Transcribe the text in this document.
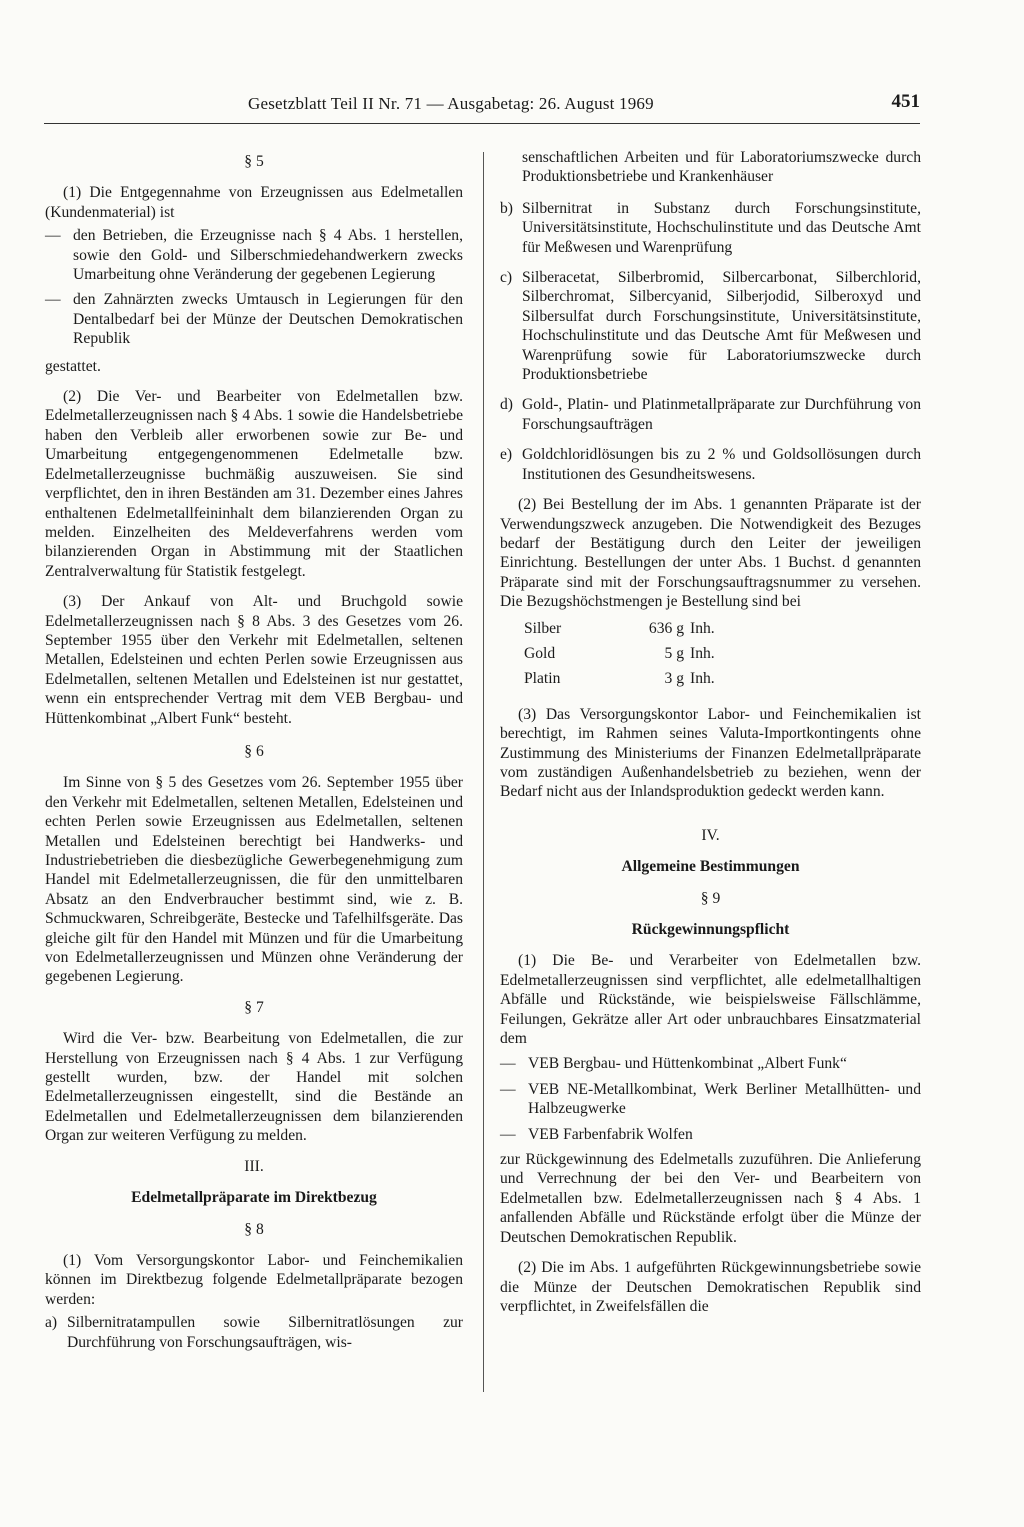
Gesetzblatt Teil II Nr. 71 — Ausgabetag: 26. August 1969	451
§ 5

(1) Die Entgegennahme von Erzeugnissen aus Edelmetallen (Kundenmaterial) ist

— den Betrieben, die Erzeugnisse nach § 4 Abs. 1 herstellen, sowie den Gold- und Silberschmiedehandwerkern zwecks Umarbeitung ohne Veränderung der gegebenen Legierung
— den Zahnärzten zwecks Umtausch in Legierungen für den Dentalbedarf bei der Münze der Deutschen Demokratischen Republik

gestattet.

(2) Die Ver- und Bearbeiter von Edelmetallen bzw. Edelmetallerzeugnissen nach § 4 Abs. 1 sowie die Handelsbetriebe haben den Verbleib aller erworbenen sowie zur Be- und Umarbeitung entgegengenommenen Edelmetalle bzw. Edelmetallerzeugnisse buchmäßig auszuweisen. Sie sind verpflichtet, den in ihren Beständen am 31. Dezember eines Jahres enthaltenen Edelmetallfeininhalt dem bilanzierenden Organ zu melden. Einzelheiten des Meldeverfahrens werden vom bilanzierenden Organ in Abstimmung mit der Staatlichen Zentralverwaltung für Statistik festgelegt.

(3) Der Ankauf von Alt- und Bruchgold sowie Edelmetallerzeugnissen nach § 8 Abs. 3 des Gesetzes vom 26. September 1955 über den Verkehr mit Edelmetallen, seltenen Metallen, Edelsteinen und echten Perlen sowie Erzeugnissen aus Edelmetallen, seltenen Metallen und Edelsteinen ist nur gestattet, wenn ein entsprechender Vertrag mit dem VEB Bergbau- und Hüttenkombinat „Albert Funk“ besteht.

§ 6

Im Sinne von § 5 des Gesetzes vom 26. September 1955 über den Verkehr mit Edelmetallen, seltenen Metallen, Edelsteinen und echten Perlen sowie Erzeugnissen aus Edelmetallen, seltenen Metallen und Edelsteinen berechtigt bei Handwerks- und Industriebetrieben die diesbezügliche Gewerbegenehmigung zum Handel mit Edelmetallerzeugnissen, die für den unmittelbaren Absatz an den Endverbraucher bestimmt sind, wie z. B. Schmuckwaren, Schreibgeräte, Bestecke und Tafelhilfsgeräte. Das gleiche gilt für den Handel mit Münzen und für die Umarbeitung von Edelmetallerzeugnissen und Münzen ohne Veränderung der gegebenen Legierung.

§ 7

Wird die Ver- bzw. Bearbeitung von Edelmetallen, die zur Herstellung von Erzeugnissen nach § 4 Abs. 1 zur Verfügung gestellt wurden, bzw. der Handel mit solchen Edelmetallerzeugnissen eingestellt, sind die Bestände an Edelmetallen und Edelmetallerzeugnissen dem bilanzierenden Organ zur weiteren Verfügung zu melden.

III.
Edelmetallpräparate im Direktbezug
§ 8

(1) Vom Versorgungskontor Labor- und Feinchemikalien können im Direktbezug folgende Edelmetallpräparate bezogen werden:

a) Silbernitratampullen sowie Silbernitratlösungen zur Durchführung von Forschungsaufträgen, wis-
senschaftlichen Arbeiten und für Laboratoriumszwecke durch Produktionsbetriebe und Krankenhäuser
b) Silbernitrat in Substanz durch Forschungsinstitute, Universitätsinstitute, Hochschulinstitute und das Deutsche Amt für Meßwesen und Warenprüfung
c) Silberacetat, Silberbromid, Silbercarbonat, Silberchlorid, Silberchromat, Silbercyanid, Silberjodid, Silberoxyd und Silbersulfat durch Forschungsinstitute, Universitätsinstitute, Hochschulinstitute und das Deutsche Amt für Meßwesen und Warenprüfung sowie für Laboratoriumszwecke durch Produktionsbetriebe
d) Gold-, Platin- und Platinmetallpräparate zur Durchführung von Forschungsaufträgen
e) Goldchloridlösungen bis zu 2 % und Goldsollösungen durch Institutionen des Gesundheitswesens.

(2) Bei Bestellung der im Abs. 1 genannten Präparate ist der Verwendungszweck anzugeben. Die Notwendigkeit des Bezuges bedarf der Bestätigung durch den Leiter der jeweiligen Einrichtung. Bestellungen der unter Abs. 1 Buchst. d genannten Präparate sind mit der Forschungsauftragsnummer zu versehen. Die Bezugshöchstmengen je Bestellung sind bei

Silber	636 g	Inh.
Gold	5 g	Inh.
Platin	3 g	Inh.

(3) Das Versorgungskontor Labor- und Feinchemikalien ist berechtigt, im Rahmen seines Valuta-Importkontingents ohne Zustimmung des Ministeriums der Finanzen Edelmetallpräparate vom zuständigen Außenhandelsbetrieb zu beziehen, wenn der Bedarf nicht aus der Inlandsproduktion gedeckt werden kann.

IV.
Allgemeine Bestimmungen
§ 9
Rückgewinnungspflicht

(1) Die Be- und Verarbeiter von Edelmetallen bzw. Edelmetallerzeugnissen sind verpflichtet, alle edelmetallhaltigen Abfälle und Rückstände, wie beispielsweise Fällschlämme, Feilungen, Gekrätze aller Art oder unbrauchbares Einsatzmaterial dem

— VEB Bergbau- und Hüttenkombinat „Albert Funk“
— VEB NE-Metallkombinat, Werk Berliner Metallhütten- und Halbzeugwerke
— VEB Farbenfabrik Wolfen

zur Rückgewinnung des Edelmetalls zuzuführen. Die Anlieferung und Verrechnung der bei den Ver- und Bearbeitern von Edelmetallen bzw. Edelmetallerzeugnissen nach § 4 Abs. 1 anfallenden Abfälle und Rückstände erfolgt über die Münze der Deutschen Demokratischen Republik.

(2) Die im Abs. 1 aufgeführten Rückgewinnungsbetriebe sowie die Münze der Deutschen Demokratischen Republik sind verpflichtet, in Zweifelsfällen die
